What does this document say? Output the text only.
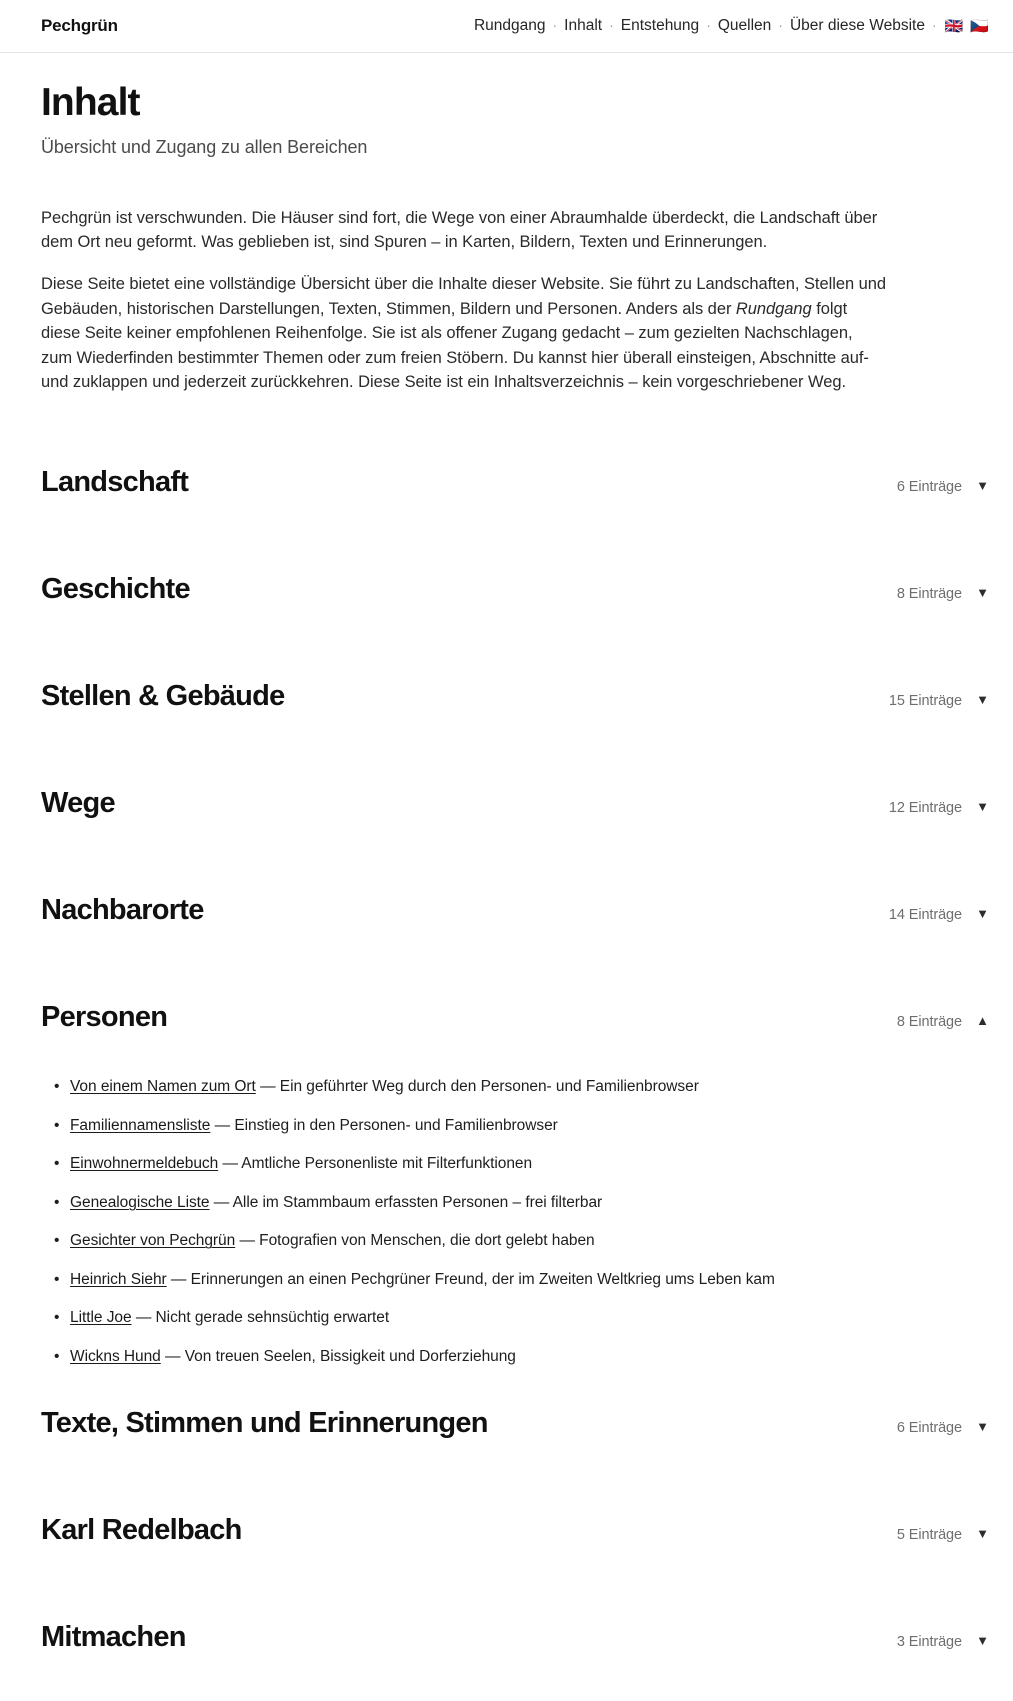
Pechgrün	Rundgang · Inhalt · Entstehung · Quellen · Über diese Website · 🇬🇧 🇨🇿
Inhalt
Übersicht und Zugang zu allen Bereichen

Pechgrün ist verschwunden. Die Häuser sind fort, die Wege von einer Abraumhalde überdeckt, die Landschaft über dem Ort neu geformt. Was geblieben ist, sind Spuren – in Karten, Bildern, Texten und Erinnerungen.

Diese Seite bietet eine vollständige Übersicht über die Inhalte dieser Website. Sie führt zu Landschaften, Stellen und Gebäuden, historischen Darstellungen, Texten, Stimmen, Bildern und Personen. Anders als der Rundgang folgt diese Seite keiner empfohlenen Reihenfolge. Sie ist als offener Zugang gedacht – zum gezielten Nachschlagen, zum Wiederfinden bestimmter Themen oder zum freien Stöbern. Du kannst hier überall einsteigen, Abschnitte auf- und zuklappen und jederzeit zurückkehren. Diese Seite ist ein Inhaltsverzeichnis – kein vorgeschriebener Weg.

Landschaft	6 Einträge ▼
Geschichte	8 Einträge ▼
Stellen & Gebäude	15 Einträge ▼
Wege	12 Einträge ▼
Nachbarorte	14 Einträge ▼
Personen	8 Einträge ▲
• Von einem Namen zum Ort — Ein geführter Weg durch den Personen- und Familienbrowser
• Familiennamensliste — Einstieg in den Personen- und Familienbrowser
• Einwohnermeldebuch — Amtliche Personenliste mit Filterfunktionen
• Genealogische Liste — Alle im Stammbaum erfassten Personen – frei filterbar
• Gesichter von Pechgrün — Fotografien von Menschen, die dort gelebt haben
• Heinrich Siehr — Erinnerungen an einen Pechgrüner Freund, der im Zweiten Weltkrieg ums Leben kam
• Little Joe — Nicht gerade sehnsüchtig erwartet
• Wickns Hund — Von treuen Seelen, Bissigkeit und Dorferziehung
Texte, Stimmen und Erinnerungen	6 Einträge ▼
Karl Redelbach	5 Einträge ▼
Mitmachen	3 Einträge ▼
